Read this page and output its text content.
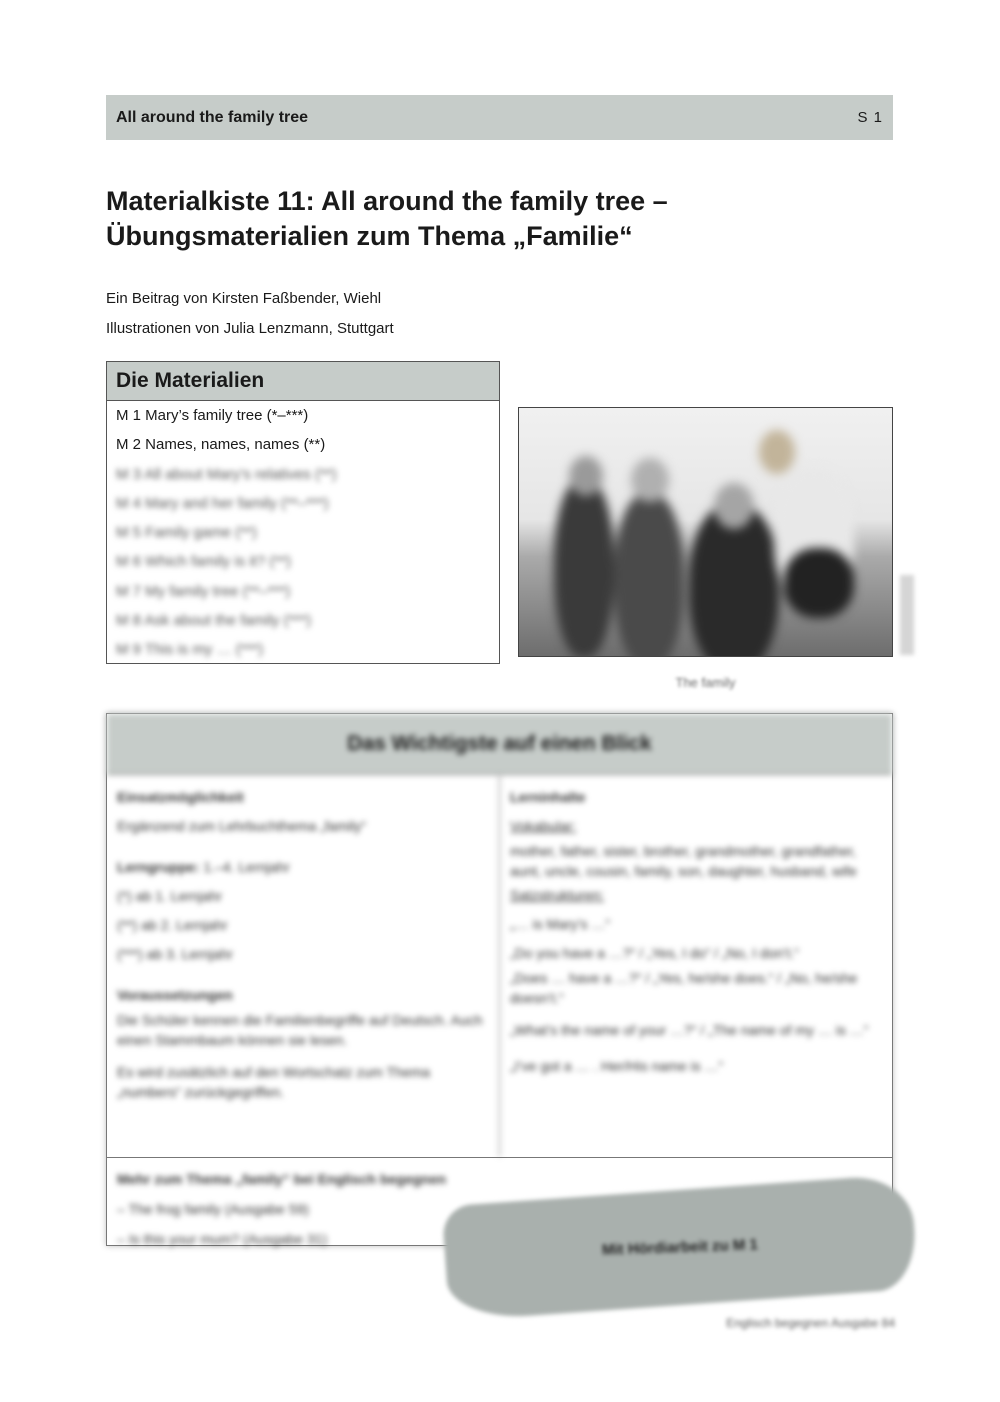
All around the family tree	S 1
Materialkiste 11: All around the family tree –
Übungsmaterialien zum Thema „Familie“
Ein Beitrag von Kirsten Faßbender, Wiehl
Illustrationen von Julia Lenzmann, Stuttgart
Die Materialien
M 1 Mary’s family tree (*–***)
M 2 Names, names, names (**)
M 3 All about Mary’s relatives (**)
M 4 Mary and her family (**–***)
M 5 Family game (**)
M 6 Which family is it? (**)
M 7 My family tree (**–***)
M 8 Ask about the family (***)
M 9 This is my … (***)
The family
Das Wichtigste auf einen Blick

Einsatzmöglichkeit

Ergänzend zum Lehrbuchthema „family“

Lerngruppe: 1.–4. Lernjahr

(*) ab 1. Lernjahr

(**) ab 2. Lernjahr

(***) ab 3. Lernjahr

Voraussetzungen

Die Schüler kennen die Familienbegriffe auf Deutsch. Auch einen Stammbaum können sie lesen.

Es wird zusätzlich auf den Wortschatz zum Thema „numbers“ zurückgegriffen.

Lerninhalte

Vokabular:

mother, father, sister, brother, grandmother, grandfather, aunt, uncle, cousin, family, son, daughter, husband, wife

Satzstrukturen:

„… is Mary’s …“

„Do you have a …?“ / „Yes, I do“ / „No, I don’t.“

„Does … have a …?“ / „Yes, he/she does.“ / „No, he/she doesn’t.“

„What’s the name of your …?“ / „The name of my … is …“

„I’ve got a … . Her/His name is …“

Mehr zum Thema „family“ bei Englisch begegnen

– The frog family (Ausgabe 59)

– Is this your mum? (Ausgabe 31)	Mit Hördiarbeit zu M 1
Englisch begegnen Ausgabe 84
